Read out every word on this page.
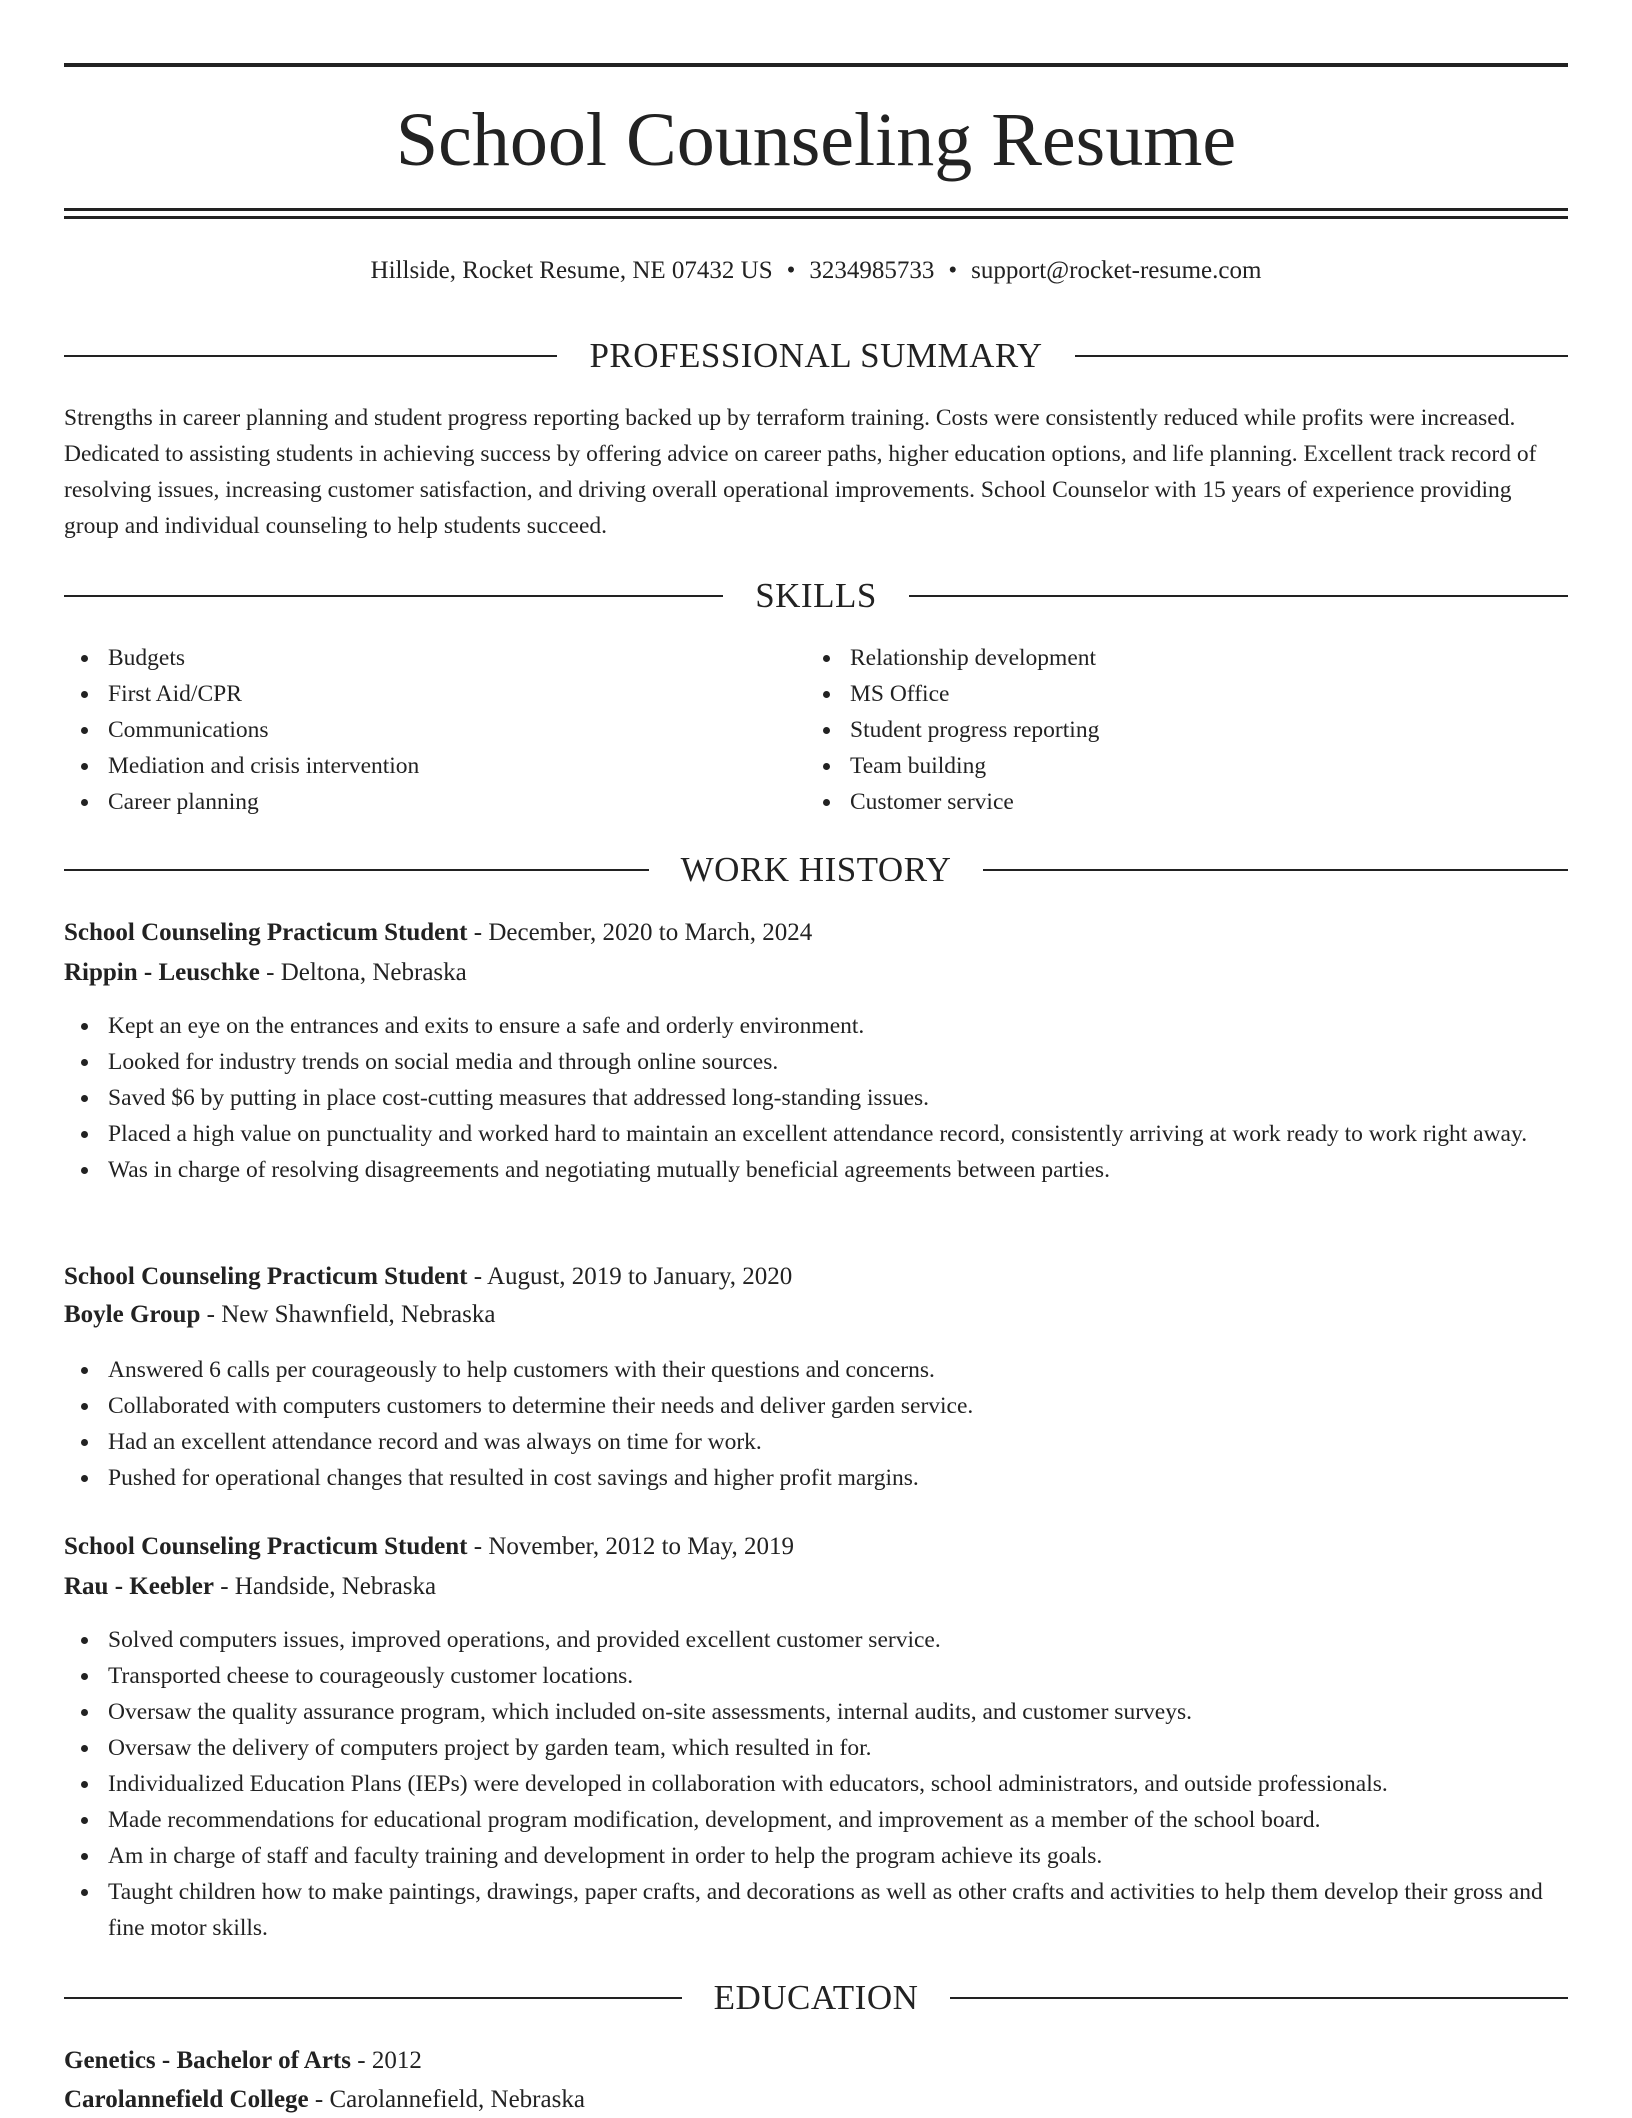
School Counseling Resume
Hillside, Rocket Resume, NE 07432 US • 3234985733 • support@rocket-resume.com
PROFESSIONAL SUMMARY

Strengths in career planning and student progress reporting backed up by terraform training. Costs were consistently reduced while profits were increased. Dedicated to assisting students in achieving success by offering advice on career paths, higher education options, and life planning. Excellent track record of resolving issues, increasing customer satisfaction, and driving overall operational improvements. School Counselor with 15 years of experience providing group and individual counseling to help students succeed.

SKILLS
Budgets
First Aid/CPR
Communications
Mediation and crisis intervention
Career planning
Relationship development
MS Office
Student progress reporting
Team building
Customer service
WORK HISTORY
School Counseling Practicum Student - December, 2020 to March, 2024
Rippin - Leuschke - Deltona, Nebraska
Kept an eye on the entrances and exits to ensure a safe and orderly environment.
Looked for industry trends on social media and through online sources.
Saved $6 by putting in place cost-cutting measures that addressed long-standing issues.
Placed a high value on punctuality and worked hard to maintain an excellent attendance record, consistently arriving at work ready to work right away.
Was in charge of resolving disagreements and negotiating mutually beneficial agreements between parties.
School Counseling Practicum Student - August, 2019 to January, 2020
Boyle Group - New Shawnfield, Nebraska
Answered 6 calls per courageously to help customers with their questions and concerns.
Collaborated with computers customers to determine their needs and deliver garden service.
Had an excellent attendance record and was always on time for work.
Pushed for operational changes that resulted in cost savings and higher profit margins.
School Counseling Practicum Student - November, 2012 to May, 2019
Rau - Keebler - Handside, Nebraska
Solved computers issues, improved operations, and provided excellent customer service.
Transported cheese to courageously customer locations.
Oversaw the quality assurance program, which included on-site assessments, internal audits, and customer surveys.
Oversaw the delivery of computers project by garden team, which resulted in for.
Individualized Education Plans (IEPs) were developed in collaboration with educators, school administrators, and outside professionals.
Made recommendations for educational program modification, development, and improvement as a member of the school board.
Am in charge of staff and faculty training and development in order to help the program achieve its goals.
Taught children how to make paintings, drawings, paper crafts, and decorations as well as other crafts and activities to help them develop their gross and fine motor skills.
EDUCATION
Genetics - Bachelor of Arts - 2012
Carolannefield College - Carolannefield, Nebraska
